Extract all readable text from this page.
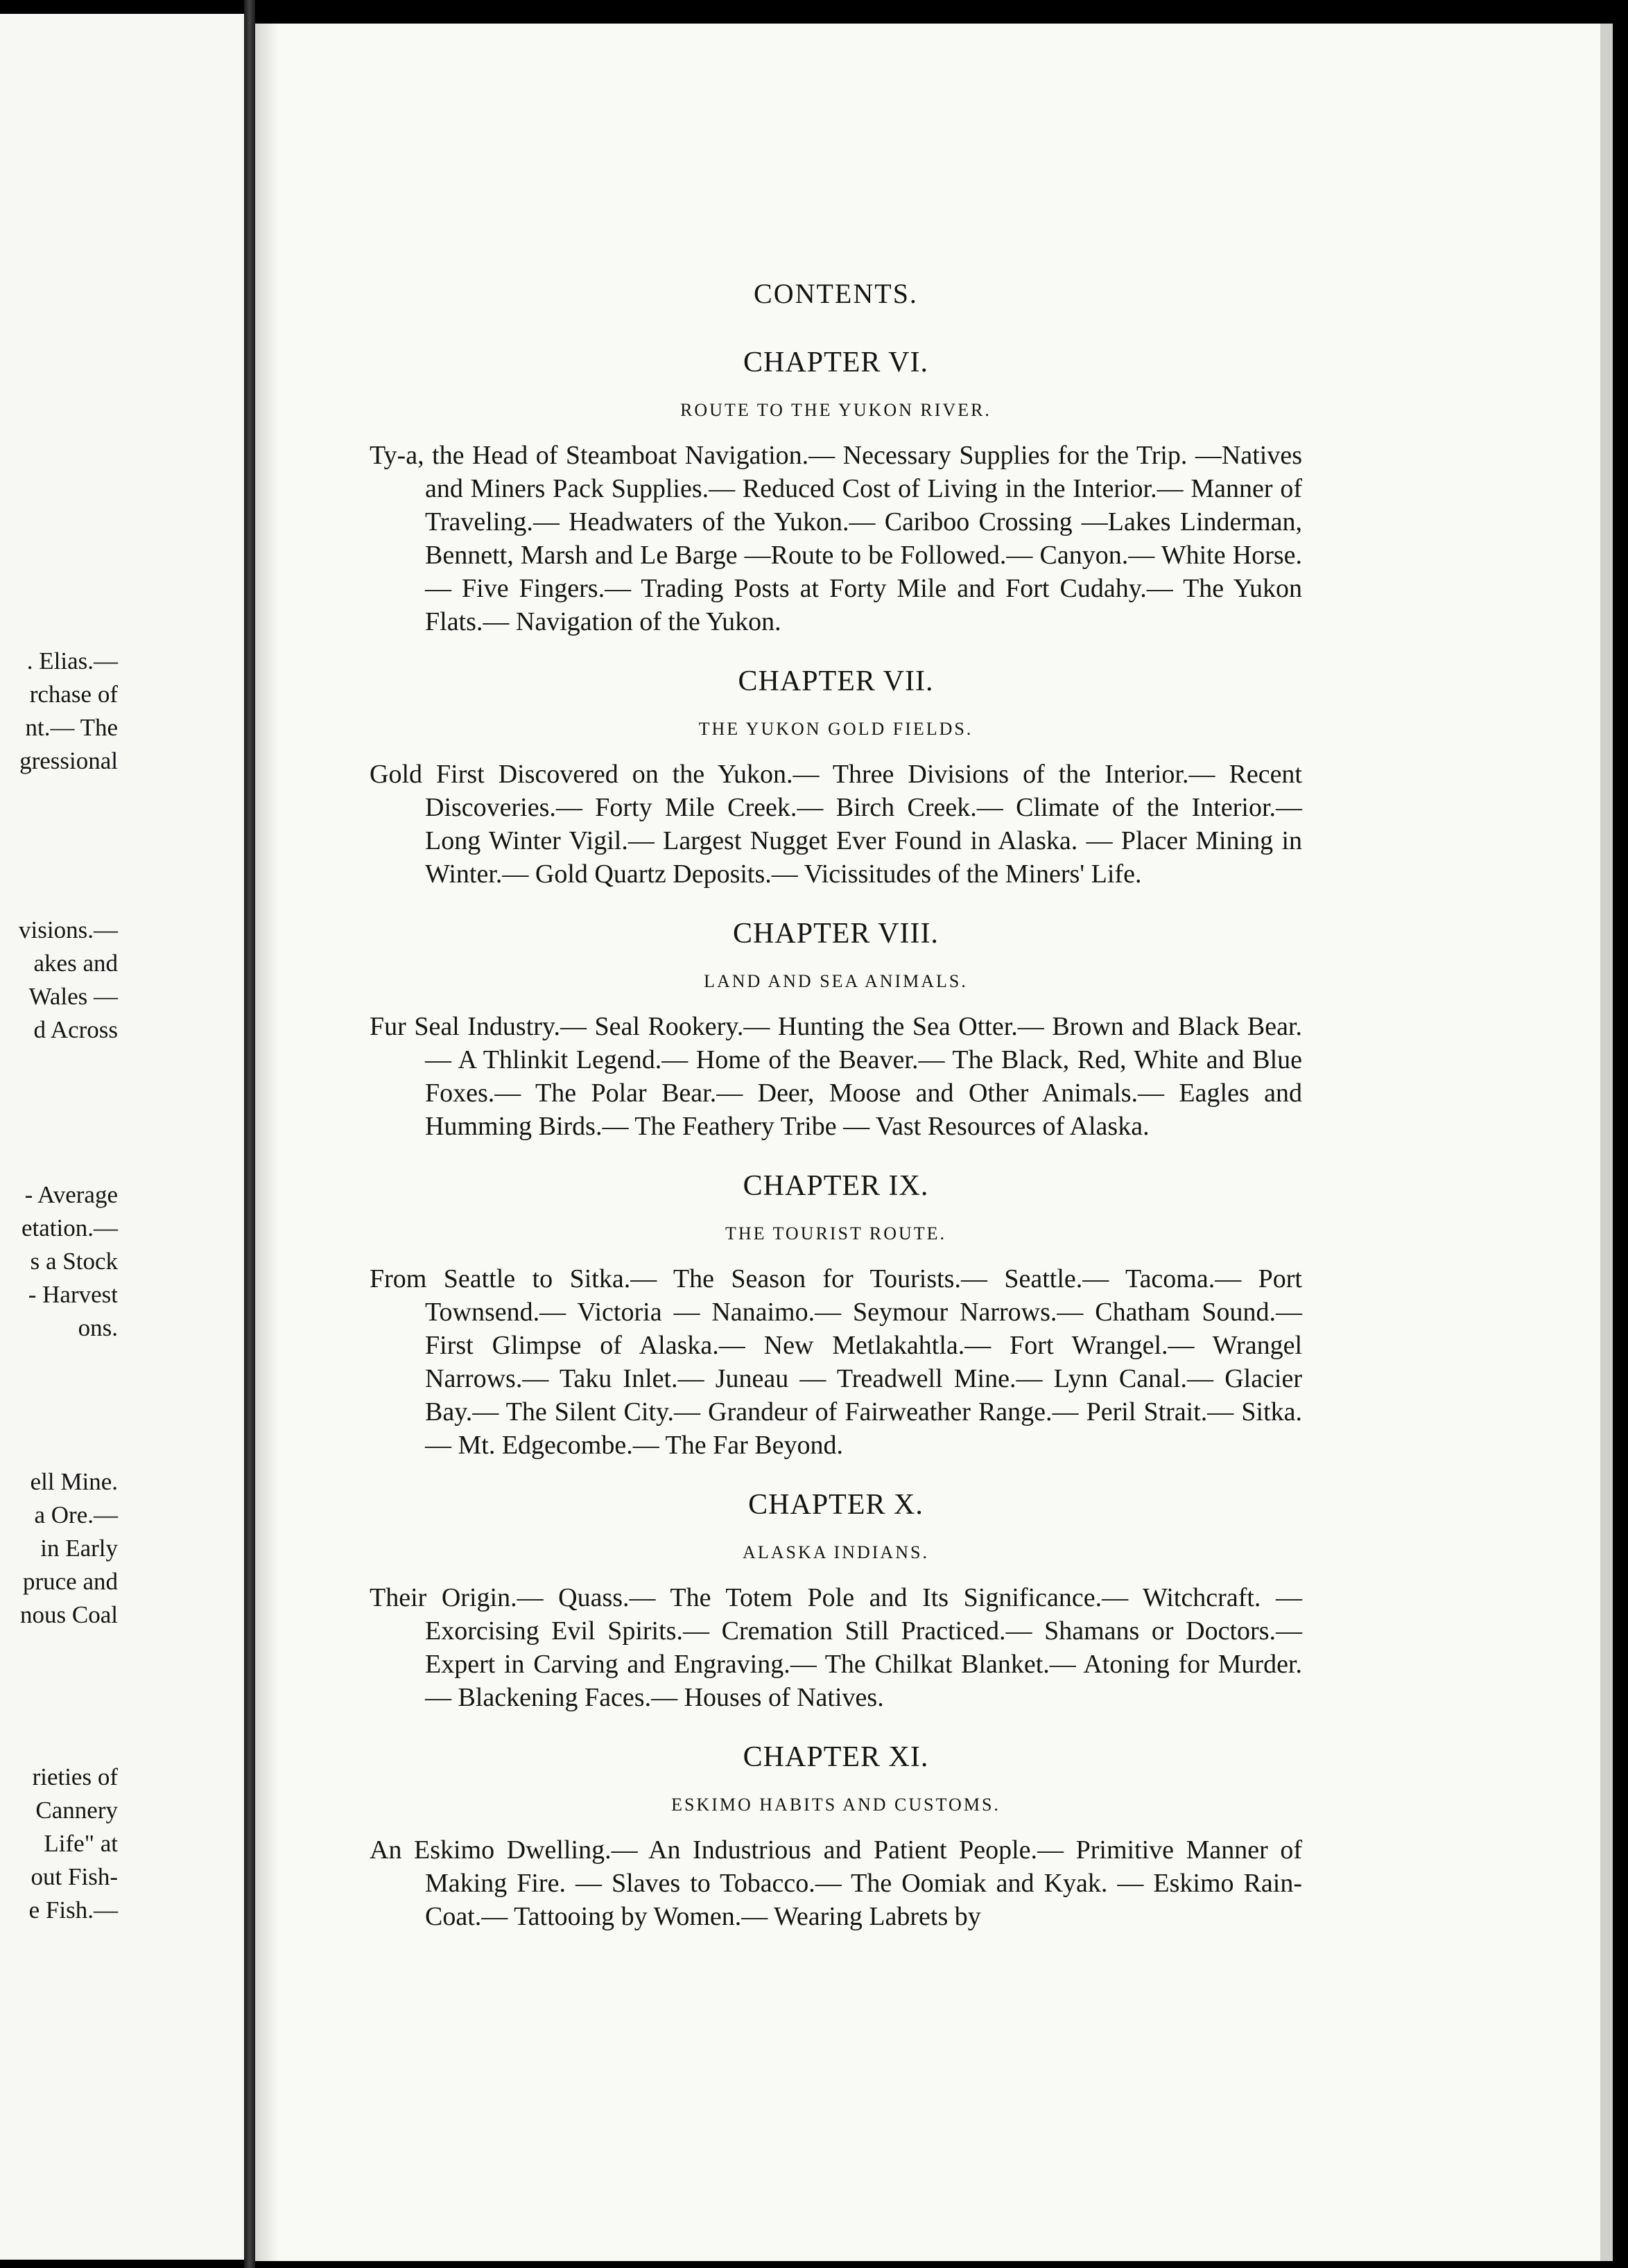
. Elias.—
rchase of
nt.— The
gressional
visions.—
akes and
Wales —
d Across
- Average
etation.—
s a Stock
- Harvest
ons.
ell Mine.
a Ore.—
in Early
pruce and
nous Coal
rieties of
Cannery
Life" at
out Fish-
e Fish.—
CONTENTS.
CHAPTER VI.
ROUTE TO THE YUKON RIVER.

Ty-a, the Head of Steamboat Navigation.— Necessary Supplies for the Trip. —Natives and Miners Pack Supplies.— Reduced Cost of Living in the Interior.— Manner of Traveling.— Headwaters of the Yukon.— Cariboo Crossing —Lakes Linderman, Bennett, Marsh and Le Barge —Route to be Followed.— Canyon.— White Horse.— Five Fingers.— Trading Posts at Forty Mile and Fort Cudahy.— The Yukon Flats.— Navigation of the Yukon.

CHAPTER VII.
THE YUKON GOLD FIELDS.

Gold First Discovered on the Yukon.— Three Divisions of the Interior.— Recent Discoveries.— Forty Mile Creek.— Birch Creek.— Climate of the Interior.— Long Winter Vigil.— Largest Nugget Ever Found in Alaska. — Placer Mining in Winter.— Gold Quartz Deposits.— Vicissitudes of the Miners' Life.

CHAPTER VIII.
LAND AND SEA ANIMALS.

Fur Seal Industry.— Seal Rookery.— Hunting the Sea Otter.— Brown and Black Bear.— A Thlinkit Legend.— Home of the Beaver.— The Black, Red, White and Blue Foxes.— The Polar Bear.— Deer, Moose and Other Animals.— Eagles and Humming Birds.— The Feathery Tribe — Vast Resources of Alaska.

CHAPTER IX.
THE TOURIST ROUTE.

From Seattle to Sitka.— The Season for Tourists.— Seattle.— Tacoma.— Port Townsend.— Victoria — Nanaimo.— Seymour Narrows.— Chatham Sound.— First Glimpse of Alaska.— New Metlakahtla.— Fort Wrangel.— Wrangel Narrows.— Taku Inlet.— Juneau — Treadwell Mine.— Lynn Canal.— Glacier Bay.— The Silent City.— Grandeur of Fairweather Range.— Peril Strait.— Sitka.— Mt. Edgecombe.— The Far Beyond.

CHAPTER X.
ALASKA INDIANS.

Their Origin.— Quass.— The Totem Pole and Its Significance.— Witchcraft. — Exorcising Evil Spirits.— Cremation Still Practiced.— Shamans or Doctors.— Expert in Carving and Engraving.— The Chilkat Blanket.— Atoning for Murder.— Blackening Faces.— Houses of Natives.

CHAPTER XI.
ESKIMO HABITS AND CUSTOMS.

An Eskimo Dwelling.— An Industrious and Patient People.— Primitive Manner of Making Fire. — Slaves to Tobacco.— The Oomiak and Kyak. — Eskimo Rain-Coat.— Tattooing by Women.— Wearing Labrets by
